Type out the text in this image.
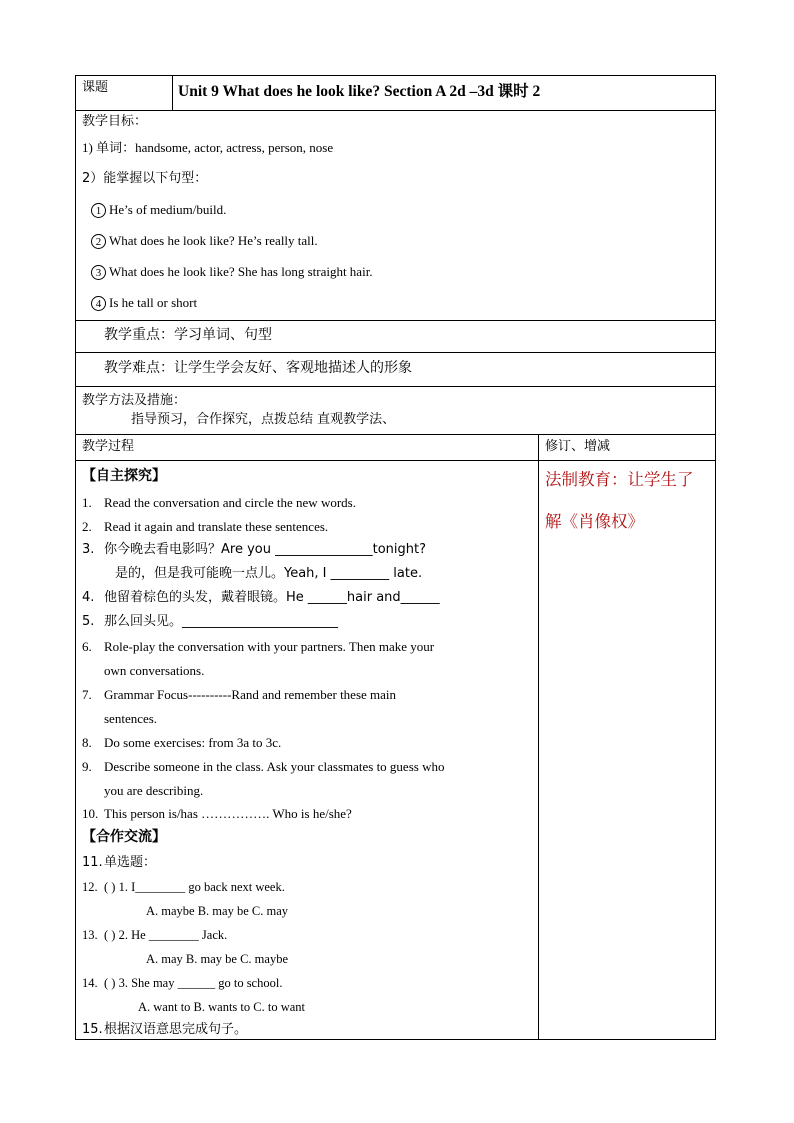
课题	Unit 9 What does he look like? Section A 2d –3d 课时 2
教学目标：
1) 单词：handsome, actor, actress, person, nose
2）能掌握以下句型：
1 He’s of medium/build.
2 What does he look like? He’s really tall.
3 What does he look like? She has long straight hair.
4 Is he tall or short
教学重点：学习单词、句型
教学难点：让学生学会友好、客观地描述人的形象
教学方法及措施：
指导预习，合作探究，点拨总结 直观教学法、
教学过程	修订、增减
法制教育：让学生了
解《肖像权》
【自主探究】
1. Read the conversation and circle the new words.
2. Read it again and translate these sentences.
3. 你今晚去看电影吗？Are you _______________tonight?
是的，但是我可能晚一点儿。Yeah, I _________ late.
4. 他留着棕色的头发，戴着眼镜。He ______hair and______
5. 那么回头见。________________________
6. Role-play the conversation with your partners. Then make your
own conversations.
7. Grammar Focus----------Rand and remember these main
sentences.
8. Do some exercises: from 3a to 3c.
9. Describe someone in the class. Ask your classmates to guess who
you are describing.
10. This person is/has ……………. Who is he/she?
【合作交流】
11.单选题：
12. ( ) 1. I________ go back next week.
A. maybe B. may be C. may
13. ( ) 2. He ________ Jack.
A. may B. may be C. maybe
14. ( ) 3. She may ______ go to school.
A. want to B. wants to C. to want
15.根据汉语意思完成句子。
